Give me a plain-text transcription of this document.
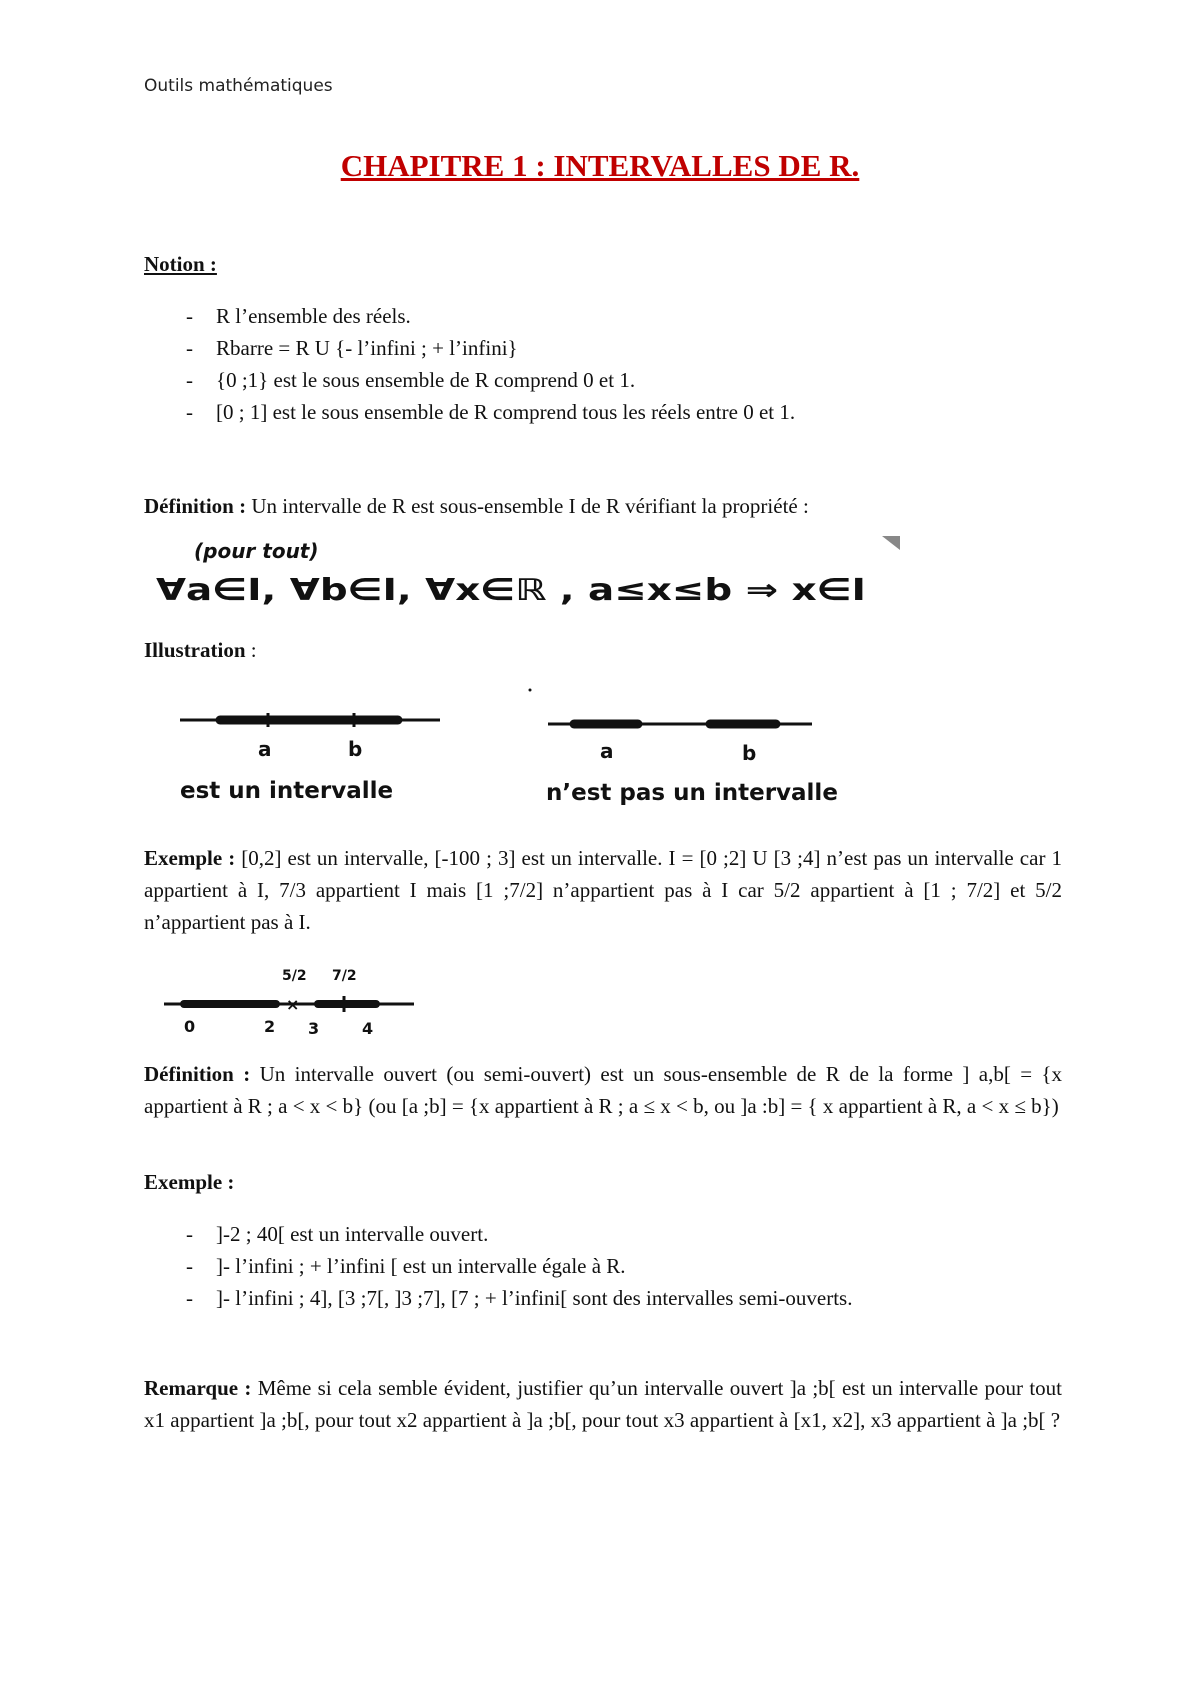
Outils mathématiques
CHAPITRE 1 : INTERVALLES DE R.
Notion :
- R l’ensemble des réels.
- Rbarre = R U {- l’infini ; + l’infini}
- {0 ;1} est le sous ensemble de R comprend 0 et 1.
- [0 ; 1] est le sous ensemble de R comprend tous les réels entre 0 et 1.
Définition : Un intervalle de R est sous-ensemble I de R vérifiant la propriété :
(pour tout)
∀a∈I, ∀b∈I, ∀x∈ℝ , a≤x≤b ⇒ x∈I
Illustration :
a	b
est un intervalle
a	b
n’est pas un intervalle
Exemple : [0,2] est un intervalle, [-100 ; 3] est un intervalle. I = [0 ;2] U [3 ;4] n’est pas un intervalle car 1 appartient à I, 7/3 appartient I mais [1 ;7/2] n’appartient pas à I car 5/2 appartient à [1 ; 7/2] et 5/2 n’appartient pas à I.
×
5/2 7/2
0	2 3	4
Définition : Un intervalle ouvert (ou semi-ouvert) est un sous-ensemble de R de la forme ] a,b[ = {x appartient à R ; a < x < b} (ou [a ;b] = {x appartient à R ; a ≤ x < b, ou ]a :b] = { x appartient à R, a < x ≤ b})
Exemple :
- ]-2 ; 40[ est un intervalle ouvert.
- ]- l’infini ; + l’infini [ est un intervalle égale à R.
- ]- l’infini ; 4], [3 ;7[, ]3 ;7], [7 ; + l’infini[ sont des intervalles semi-ouverts.
Remarque : Même si cela semble évident, justifier qu’un intervalle ouvert ]a ;b[ est un intervalle pour tout x1 appartient ]a ;b[, pour tout x2 appartient à ]a ;b[, pour tout x3 appartient à [x1, x2], x3 appartient à ]a ;b[ ?
